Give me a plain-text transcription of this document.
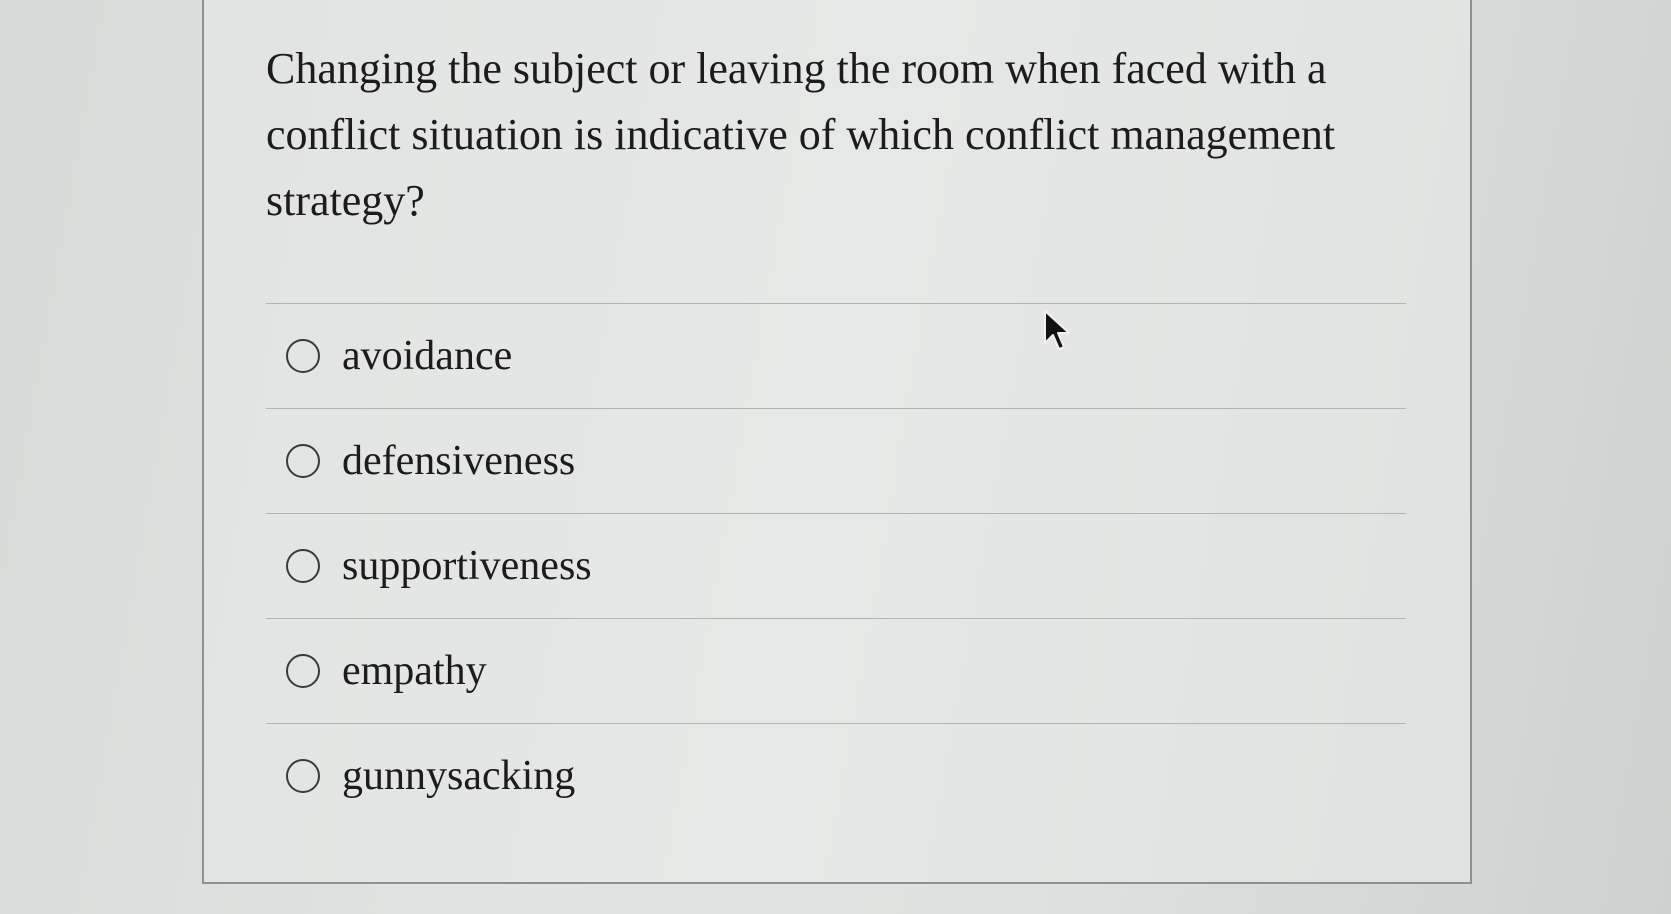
Changing the subject or leaving the room when faced with a conflict situation is indicative of which conflict management strategy?

avoidance
defensiveness
supportiveness
empathy
gunnysacking
